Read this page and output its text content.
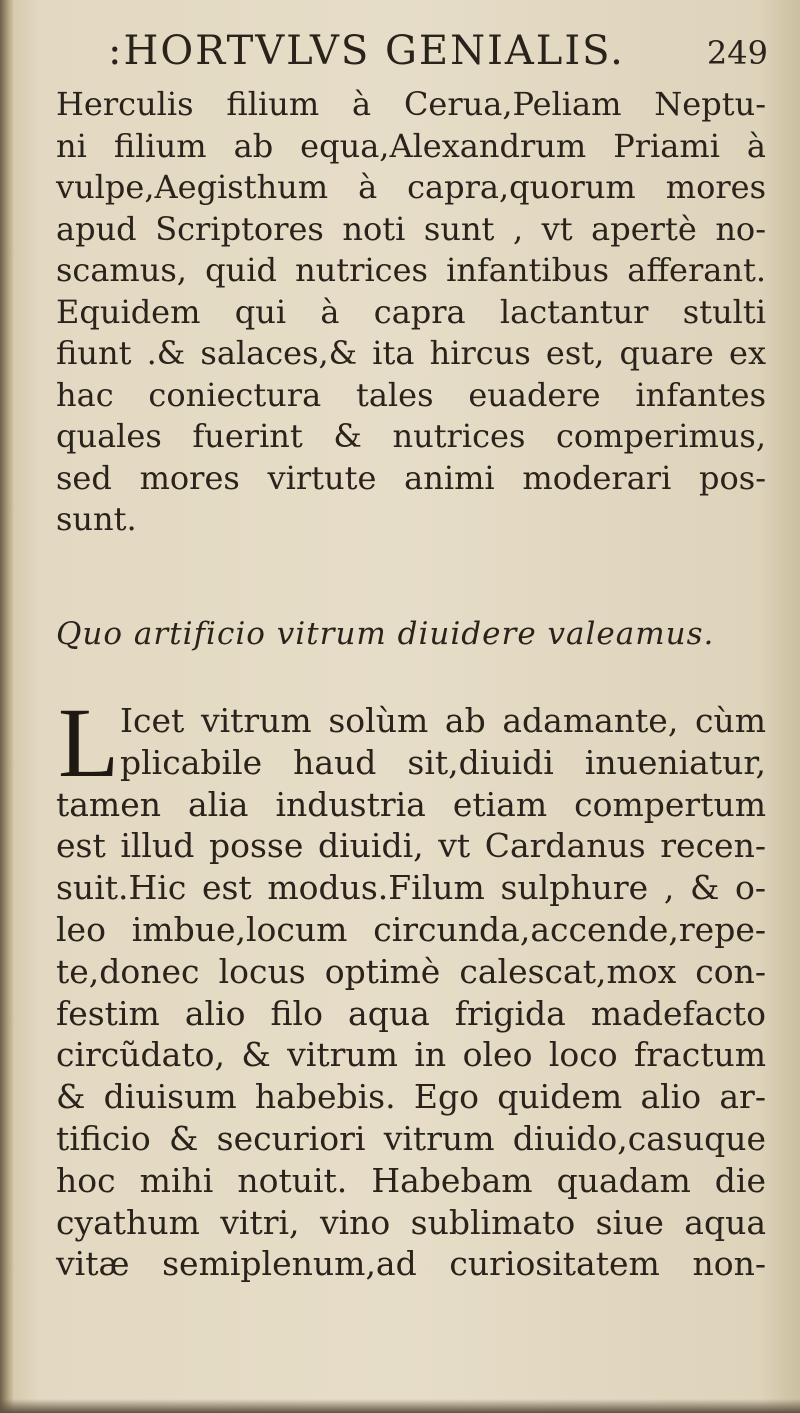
:HORTVLVS GENIALIS.	249
Herculis filium à Ceruа,Peliam Neptu-
ni filium ab equa,Alexandrum Priami à
vulpe,Aegisthum à capra,quorum mores
apud Scriptores noti sunt , vt apertè no-
scamus, quid nutrices infantibus afferant.
Equidem qui à capra lactantur stulti
fiunt .& salaces,& ita hircus est, quare ex
hac coniectura tales euadere infantes
quales fuerint & nutrices comperimus,
sed mores virtute animi moderari pos-
sunt.
Quo artificio vitrum diuidere valeamus.
L Icet vitrum solùm ab adamante, cùm
plicabile haud sit,diuidi inueniatur,
tamen alia industria etiam compertum
est illud posse diuidi, vt Cardanus recen-
suit.Hic est modus.Filum sulphure , & o-
leo imbue,locum circunda,accende,repe-
te,donec locus optimè calescat,mox con-
festim alio filo aqua frigida madefacto
circũdato, & vitrum in oleo loco fractum
& diuisum habebis. Ego quidem alio ar-
tificio & securiori vitrum diuido,casuque
hoc mihi notuit. Habebam quadam die
cyathum vitri, vino sublimato siue aqua
vitæ semiplenum,ad curiositatem non-
